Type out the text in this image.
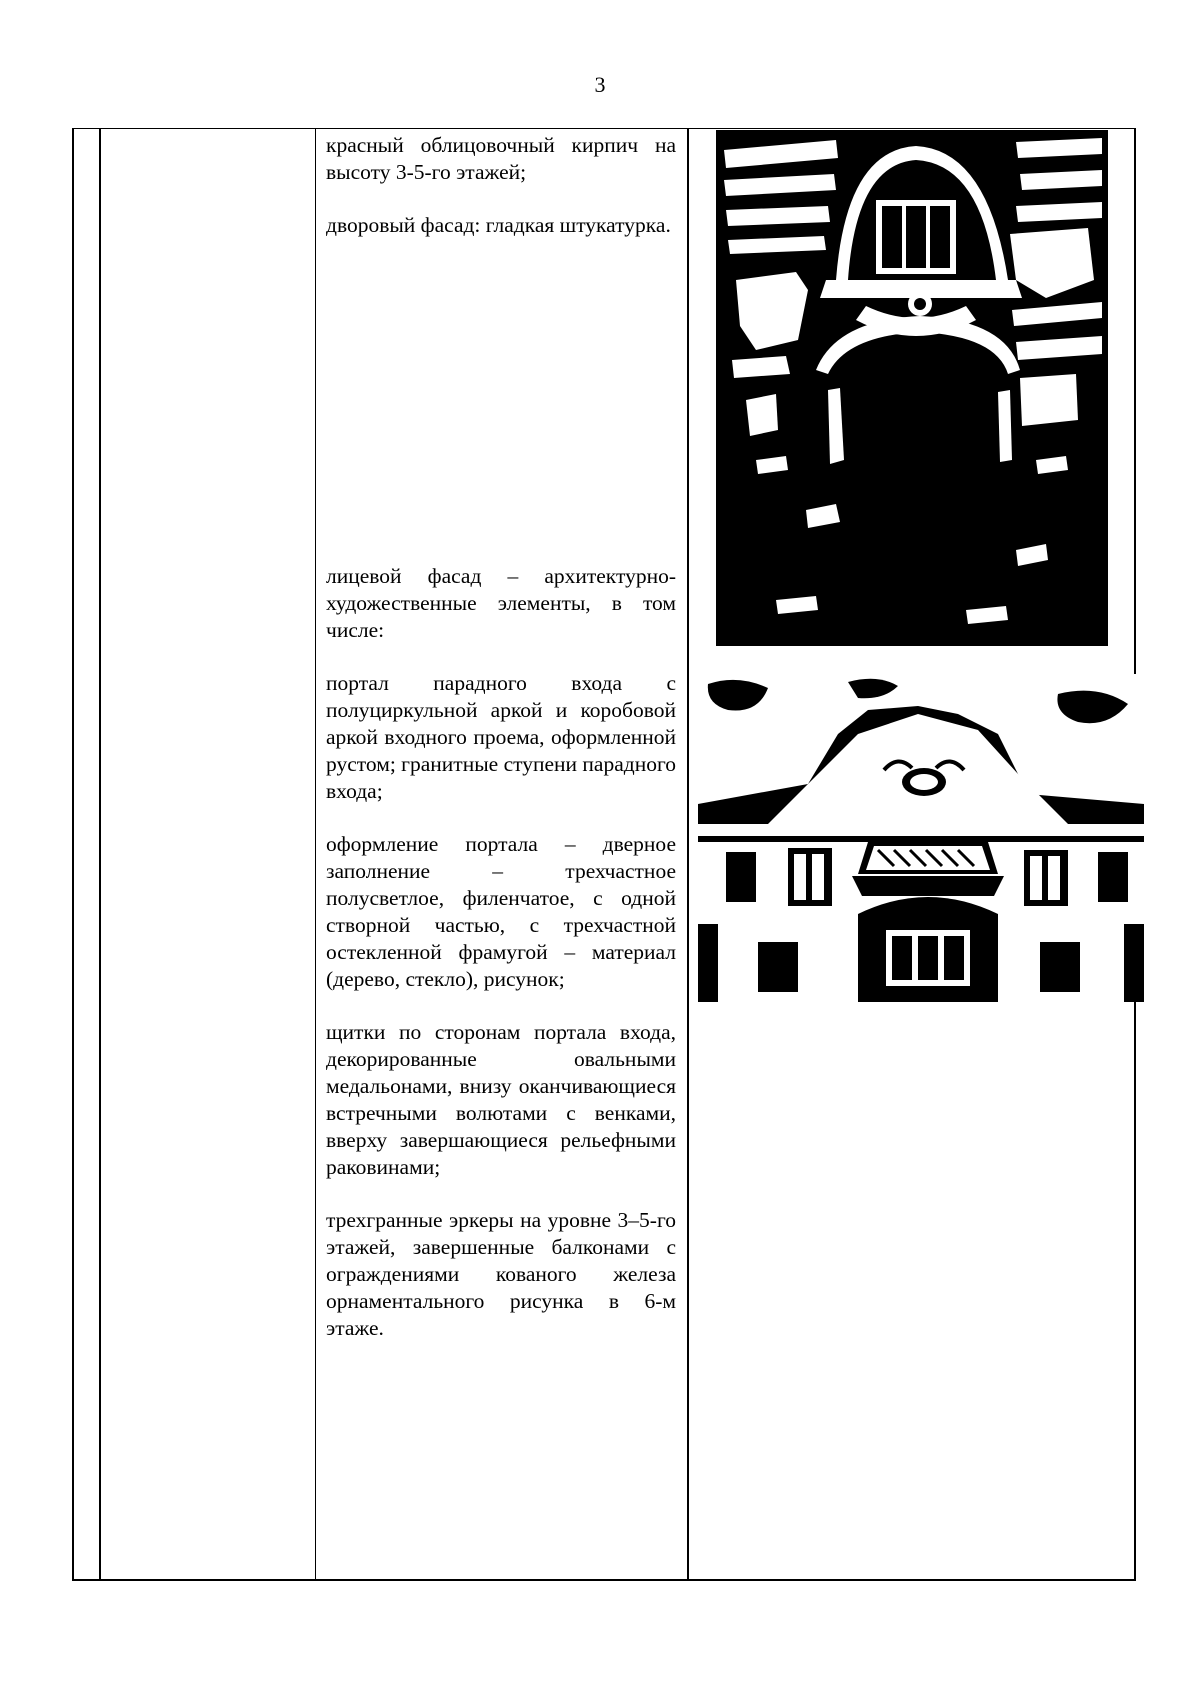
3

красный облицовочный кирпич на высоту 3-5-го этажей;

дворовый фасад: гладкая штукатурка.

лицевой фасад – архитектурно-художественные элементы, в том числе:

портал парадного входа с полуциркульной аркой и коробовой аркой входного проема, оформленной рустом; гранитные ступени парадного входа;

оформление портала – дверное заполнение – трехчастное полусветлое, филенчатое, с одной створной частью, с трехчастной остекленной фрамугой – материал (дерево, стекло), рисунок;

щитки по сторонам портала входа, декорированные овальными медальонами, внизу оканчивающиеся встречными волютами с венками, вверху завершающиеся рельефными раковинами;

трехгранные эркеры на уровне 3–5-го этажей, завершенные балконами с ограждениями кованого железа орнаментального рисунка в 6-м этаже.
